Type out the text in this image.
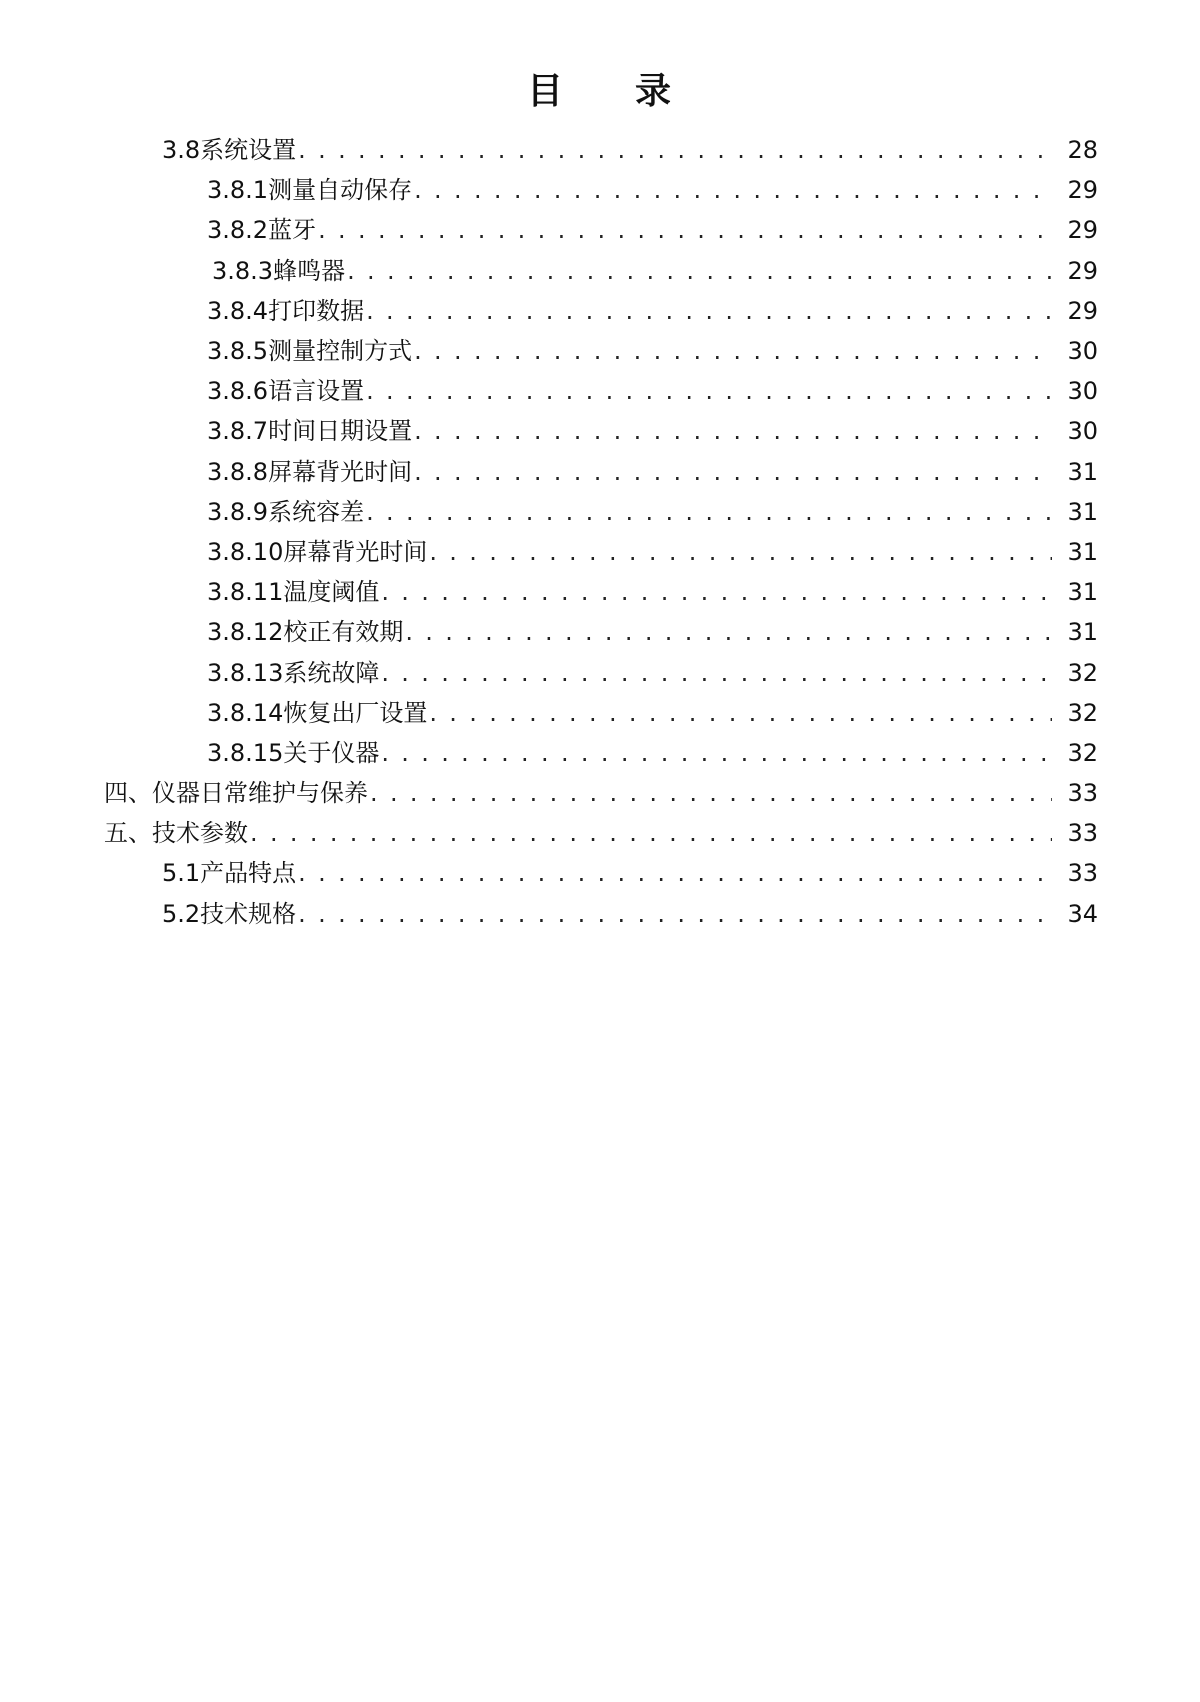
目 录
3.8系统设置 . . .	28
3.8.1测量自动保存 . . .	29
3.8.2蓝牙 . . .	29
3.8.3蜂鸣器 . . .	29
3.8.4打印数据 . . .	29
3.8.5测量控制方式 . . .	30
3.8.6语言设置 . . .	30
3.8.7时间日期设置 . . .	30
3.8.8屏幕背光时间 . . .	31
3.8.9系统容差 . . .	31
3.8.10屏幕背光时间 . . .	31
3.8.11温度阈值 . . .	31
3.8.12校正有效期 . . .	31
3.8.13系统故障 . . .	32
3.8.14恢复出厂设置 . . .	32
3.8.15关于仪器 . . .	32
四、仪器日常维护与保养 . . .	33
五、技术参数 . . .	33
5.1产品特点 . . .	33
5.2技术规格 . . .	34
